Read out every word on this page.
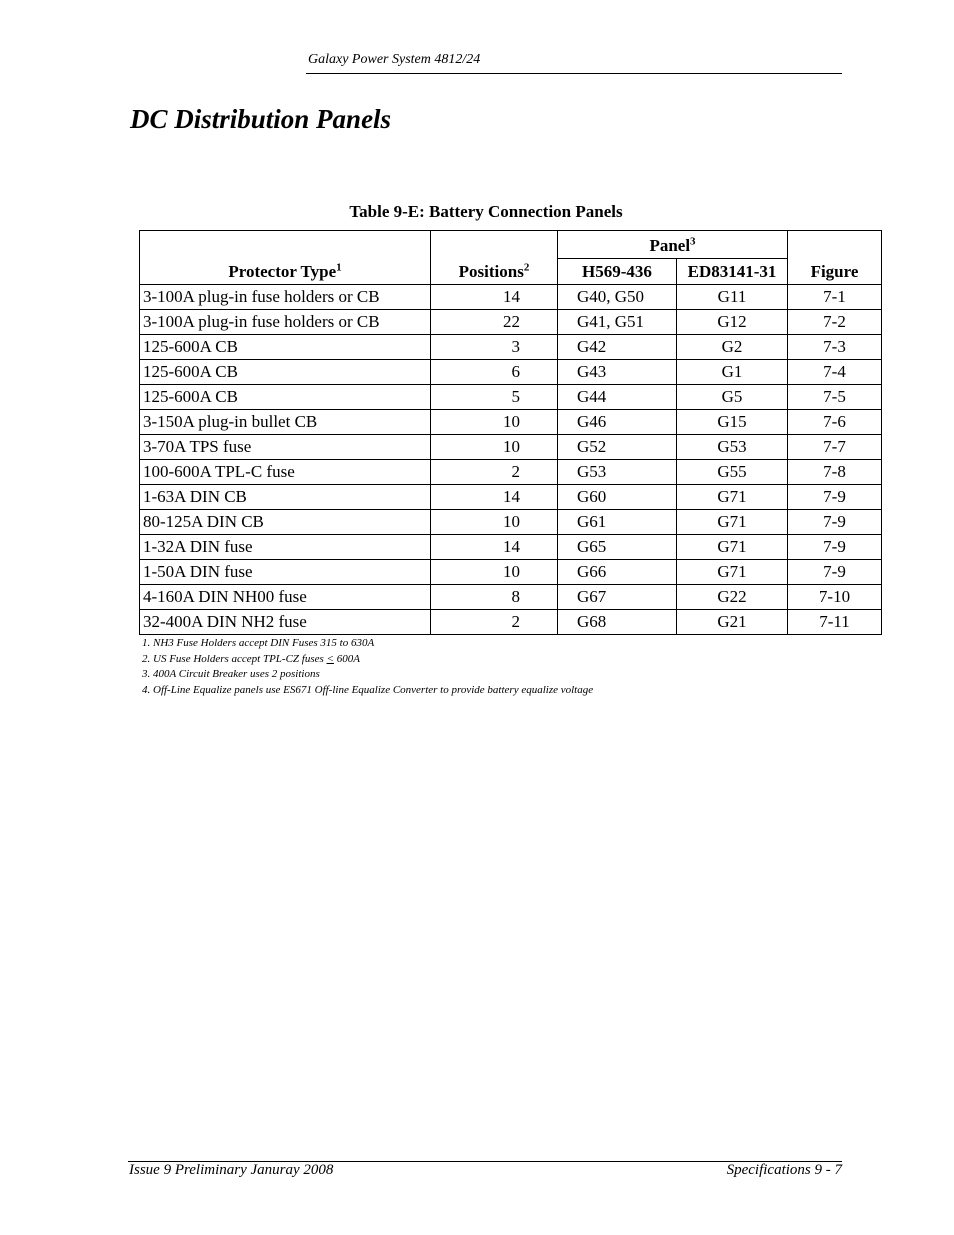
Galaxy Power System 4812/24
DC Distribution Panels
Table 9-E: Battery Connection Panels
Protector Type$^1$	Positions$^2$	Panel$^3$		Figure
		H569-436	ED83141-31	
3-100A plug-in fuse holders or CB	14	G40, G50	G11	7-1
3-100A plug-in fuse holders or CB	22	G41, G51	G12	7-2
125-600A CB	3	G42	G2	7-3
125-600A CB	6	G43	G1	7-4
125-600A CB	5	G44	G5	7-5
3-150A plug-in bullet CB	10	G46	G15	7-6
3-70A TPS fuse	10	G52	G53	7-7
100-600A TPL-C fuse	2	G53	G55	7-8
1-63A DIN CB	14	G60	G71	7-9
80-125A DIN CB	10	G61	G71	7-9
1-32A DIN fuse	14	G65	G71	7-9
1-50A DIN fuse	10	G66	G71	7-9
4-160A DIN NH00 fuse	8	G67	G22	7-10
32-400A DIN NH2 fuse	2	G68	G21	7-11
1. NH3 Fuse Holders accept DIN Fuses 315 to 630A
2. US Fuse Holders accept TPL-CZ fuses < 600A
3. 400A Circuit Breaker uses 2 positions
4. Off-Line Equalize panels use ES671 Off-line Equalize Converter to provide battery equalize voltage
Issue 9 Preliminary Januray 2008	Specifications 9 - 7
